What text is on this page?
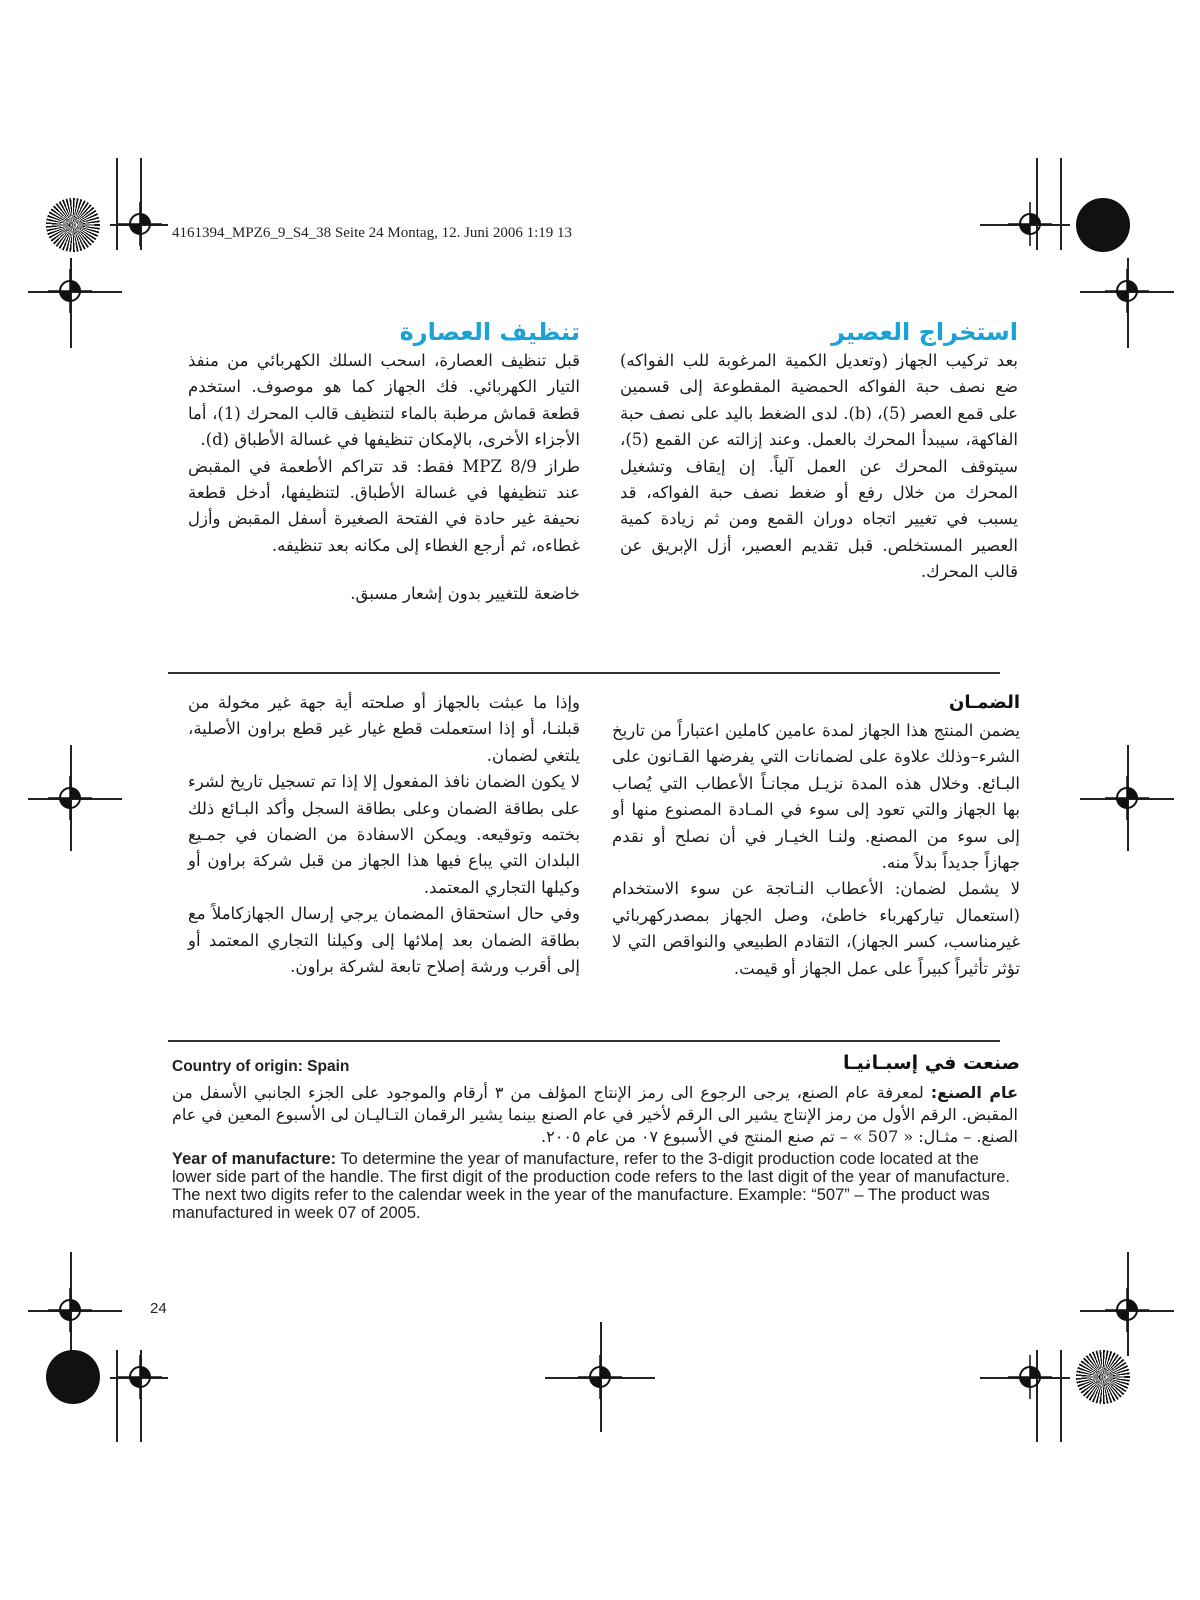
4161394_MPZ6_9_S4_38 Seite 24 Montag, 12. Juni 2006 1:19 13
استخراج العصير

بعد تركيب الجهاز (وتعديل الكمية المرغوبة للب الفواكه) ضع نصف حبة الفواكه الحمضية المقطوعة إلى قسمين على قمع العصر (5)، (b). لدى الضغط باليد على نصف حبة الفاكهة، سيبدأ المحرك بالعمل. وعند إزالته عن القمع (5)، سيتوقف المحرك عن العمل آلياً. إن إيقاف وتشغيل المحرك من خلال رفع أو ضغط نصف حبة الفواكه، قد يسبب في تغيير اتجاه دوران القمع ومن ثم زيادة كمية العصير المستخلص. قبل تقديم العصير، أزل الإبريق عن قالب المحرك.

تنظيف العصارة

قبل تنظيف العصارة، اسحب السلك الكهربائي من منفذ التيار الكهربائي. فك الجهاز كما هو موصوف. استخدم قطعة قماش مرطبة بالماء لتنظيف قالب المحرك (1)، أما الأجزاء الأخرى، بالإمكان تنظيفها في غسالة الأطباق (d).

طراز MPZ 8/9 فقط: قد تتراكم الأطعمة في المقبض عند تنظيفها في غسالة الأطباق. لتنظيفها، أدخل قطعة نحيفة غير حادة في الفتحة الصغيرة أسفل المقبض وأزل غطاءه، ثم أرجع الغطاء إلى مكانه بعد تنظيفه.

خاضعة للتغيير بدون إشعار مسبق.

الضمـان

يضمن المنتج هذا الجهاز لمدة عامين كاملين اعتباراً من تاريخ الشرء–وذلك علاوة على لضمانات التي يفرضها القـانون على البـائع. وخلال هذه المدة نزيـل مجانـاً الأعطاب التي يُصاب بها الجهاز والتي تعود إلى سوء في المـادة المصنوع منها أو إلى سوء من المصنع. ولنـا الخيـار في أن نصلح أو نقدم جهازاً جديداً بدلاً منه.

لا يشمل لضمان: الأعطاب النـاتجة عن سوء الاستخدام (استعمال تياركهرباء خاطئ، وصل الجهاز بمصدركهربائي غيرمناسب، كسر الجهاز)، التقادم الطبيعي والنواقص التي لا تؤثر تأثيراً كبيراً على عمل الجهاز أو قيمت.

وإذا ما عبثت بالجهاز أو صلحته أية جهة غير مخولة من قبلنـا، أو إذا استعملت قطع غيار غير قطع براون الأصلية، يلتغي لضمان.

لا يكون الضمان نافذ المفعول إلا إذا تم تسجيل تاريخ لشرء على بطاقة الضمان وعلى بطاقة السجل وأكد البـائع ذلك بختمه وتوقيعه. ويمكن الاسفادة من الضمان في جمـيع البلدان التي يباع فيها هذا الجهاز من قبل شركة براون أو وكيلها التجاري المعتمد.

وفي حال استحقاق المضمان يرجي إرسال الجهازكاملاً مع بطاقة الضمان بعد إملائها إلى وكيلنا التجاري المعتمد أو إلى أقرب ورشة إصلاح تابعة لشركة براون.

صنعت في إسبـانيـا
Country of origin: Spain
عام الصنع: لمعرفة عام الصنع، يرجى الرجوع الى رمز الإنتاج المؤلف من ٣ أرقام والموجود على الجزء الجانبي الأسفل من المقبض. الرقم الأول من رمز الإنتاج يشير الى الرقم لأخير في عام الصنع بينما يشير الرقمان التـاليـان لى الأسبوع المعين في عام الصنع. – مثـال: « 507 » – تم صنع المنتج في الأسبوع ٠٧ من عام ٢٠٠٥.
Year of manufacture: To determine the year of manufacture, refer to the 3-digit production code located at the lower side part of the handle. The first digit of the production code refers to the last digit of the year of manufacture. The next two digits refer to the calendar week in the year of the manufacture. Example: “507” – The product was manufactured in week 07 of 2005.
24
